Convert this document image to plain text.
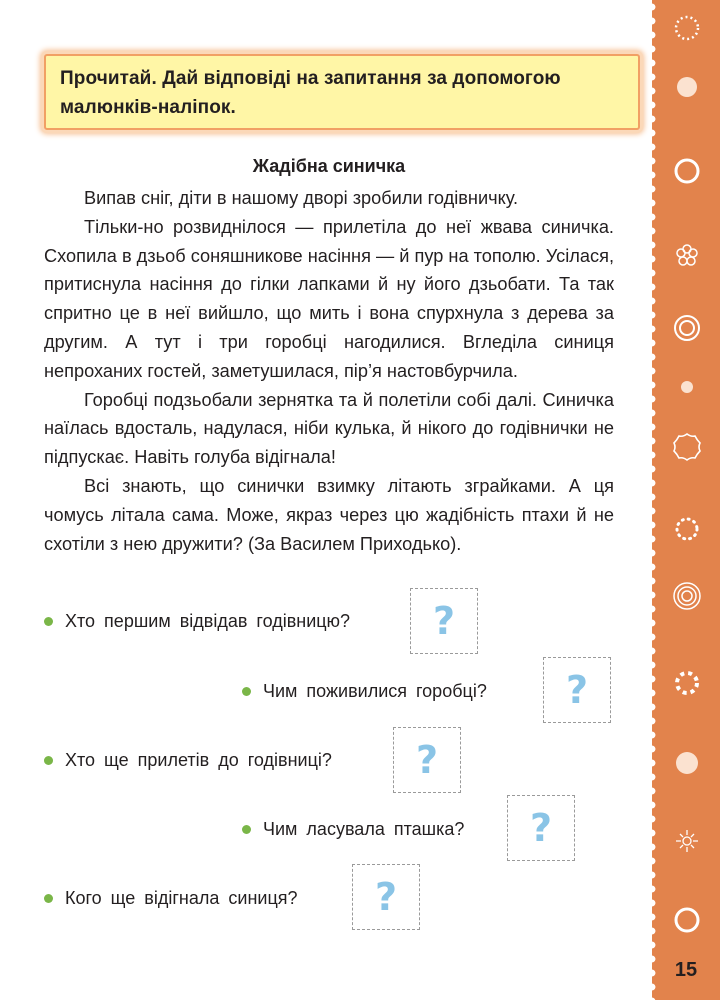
15
Прочитай. Дай відповіді на запитання за допомогою
малюнків-наліпок.
Жадібна синичка

Випав сніг, діти в нашому дворі зробили годівничку.

Тільки-но розвиднілося — прилетіла до неї жвава синичка. Схопила в дзьоб соняшникове насіння — й пур на тополю. Усілася, притиснула насіння до гілки лапками й ну його дзьобати. Та так спритно це в неї вийшло, що мить і вона спурхнула з дерева за другим. А тут і три горобці нагодилися. Вгледіла синиця непроханих гостей, заметушилася, пір’я настовбурчила.

Горобці подзьобали зернятка та й полетіли собі далі. Синичка наїлась вдосталь, надулася, ніби кулька, й нікого до годівнички не підпускає. Навіть голуба відігнала!

Всі знають, що синички взимку літають зграйками. А ця чомусь літала сама. Може, якраз через цю жадібність птахи й не схотіли з нею дружити? (За Василем Приходько).

Хто першим відвідав годівницю? ?
Чим поживилися горобці? ?
Хто ще прилетів до годівниці? ?
Чим ласувала пташка? ?
Кого ще відігнала синиця? ?
